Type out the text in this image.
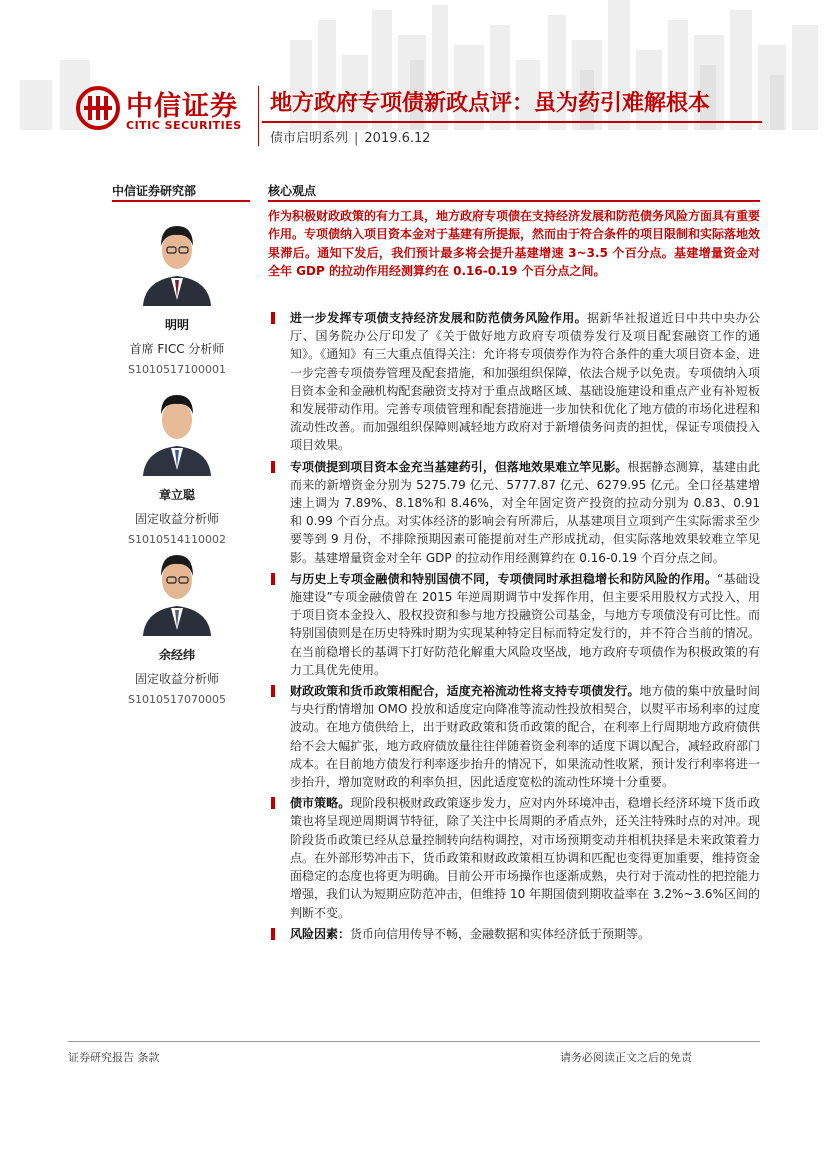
中信证券
CITIC SECURITIES
地方政府专项债新政点评：虽为药引难解根本
债市启明系列 | 2019.6.12
中信证券研究部	核心观点
明明
首席 FICC 分析师
S1010517100001
章立聪
固定收益分析师
S1010514110002
余经纬
固定收益分析师
S1010517070005
作为积极财政政策的有力工具，地方政府专项债在支持经济发展和防范债务风险方面具有重要作用。专项债纳入项目资本金对于基建有所提振，然而由于符合条件的项目限制和实际落地效果滞后。通知下发后，我们预计最多将会提升基建增速 3~3.5 个百分点。基建增量资金对全年 GDP 的拉动作用经测算约在 0.16-0.19 个百分点之间。
进一步发挥专项债支持经济发展和防范债务风险作用。据新华社报道近日中共中央办公厅、国务院办公厅印发了《关于做好地方政府专项债券发行及项目配套融资工作的通知》。《通知》有三大重点值得关注：允许将专项债券作为符合条件的重大项目资本金，进一步完善专项债券管理及配套措施，和加强组织保障，依法合规予以免责。专项债纳入项目资本金和金融机构配套融资支持对于重点战略区域、基础设施建设和重点产业有补短板和发展带动作用。完善专项债管理和配套措施进一步加快和优化了地方债的市场化进程和流动性改善。而加强组织保障则减轻地方政府对于新增债务问责的担忧，保证专项债投入项目效果。
专项债提到项目资本金充当基建药引，但落地效果难立竿见影。根据静态测算，基建由此而来的新增资金分别为 5275.79 亿元、5777.87 亿元、6279.95 亿元。全口径基建增速上调为 7.89%、8.18%和 8.46%，对全年固定资产投资的拉动分别为 0.83、0.91 和 0.99 个百分点。对实体经济的影响会有所滞后，从基建项目立项到产生实际需求至少要等到 9 月份，不排除预期因素可能提前对生产形成扰动，但实际落地效果较难立竿见影。基建增量资金对全年 GDP 的拉动作用经测算约在 0.16-0.19 个百分点之间。
与历史上专项金融债和特别国债不同，专项债同时承担稳增长和防风险的作用。“基础设施建设”专项金融债曾在 2015 年逆周期调节中发挥作用，但主要采用股权方式投入，用于项目资本金投入、股权投资和参与地方投融资公司基金，与地方专项债没有可比性。而特别国债则是在历史特殊时期为实现某种特定目标而特定发行的，并不符合当前的情况。在当前稳增长的基调下打好防范化解重大风险攻坚战，地方政府专项债作为积极政策的有力工具优先使用。
财政政策和货币政策相配合，适度充裕流动性将支持专项债发行。地方债的集中放量时间与央行酌情增加 OMO 投放和适度定向降准等流动性投放相契合，以熨平市场利率的过度波动。在地方债供给上，出于财政政策和货币政策的配合，在利率上行周期地方政府债供给不会大幅扩张，地方政府债放量往往伴随着资金利率的适度下调以配合，减轻政府部门成本。在目前地方债发行利率逐步抬升的情况下，如果流动性收紧，预计发行利率将进一步抬升，增加宽财政的利率负担，因此适度宽松的流动性环境十分重要。
债市策略。现阶段积极财政政策逐步发力，应对内外环境冲击，稳增长经济环境下货币政策也将呈现逆周期调节特征，除了关注中长周期的矛盾点外，还关注特殊时点的对冲。现阶段货币政策已经从总量控制转向结构调控，对市场预期变动并相机抉择是未来政策着力点。在外部形势冲击下，货币政策和财政政策相互协调和匹配也变得更加重要，维持资金面稳定的态度也将更为明确。目前公开市场操作也逐渐成熟，央行对于流动性的把控能力增强，我们认为短期应防范冲击，但维持 10 年期国债到期收益率在 3.2%~3.6%区间的判断不变。
风险因素：货币向信用传导不畅，金融数据和实体经济低于预期等。
证券研究报告 条款	请务必阅读正文之后的免责
